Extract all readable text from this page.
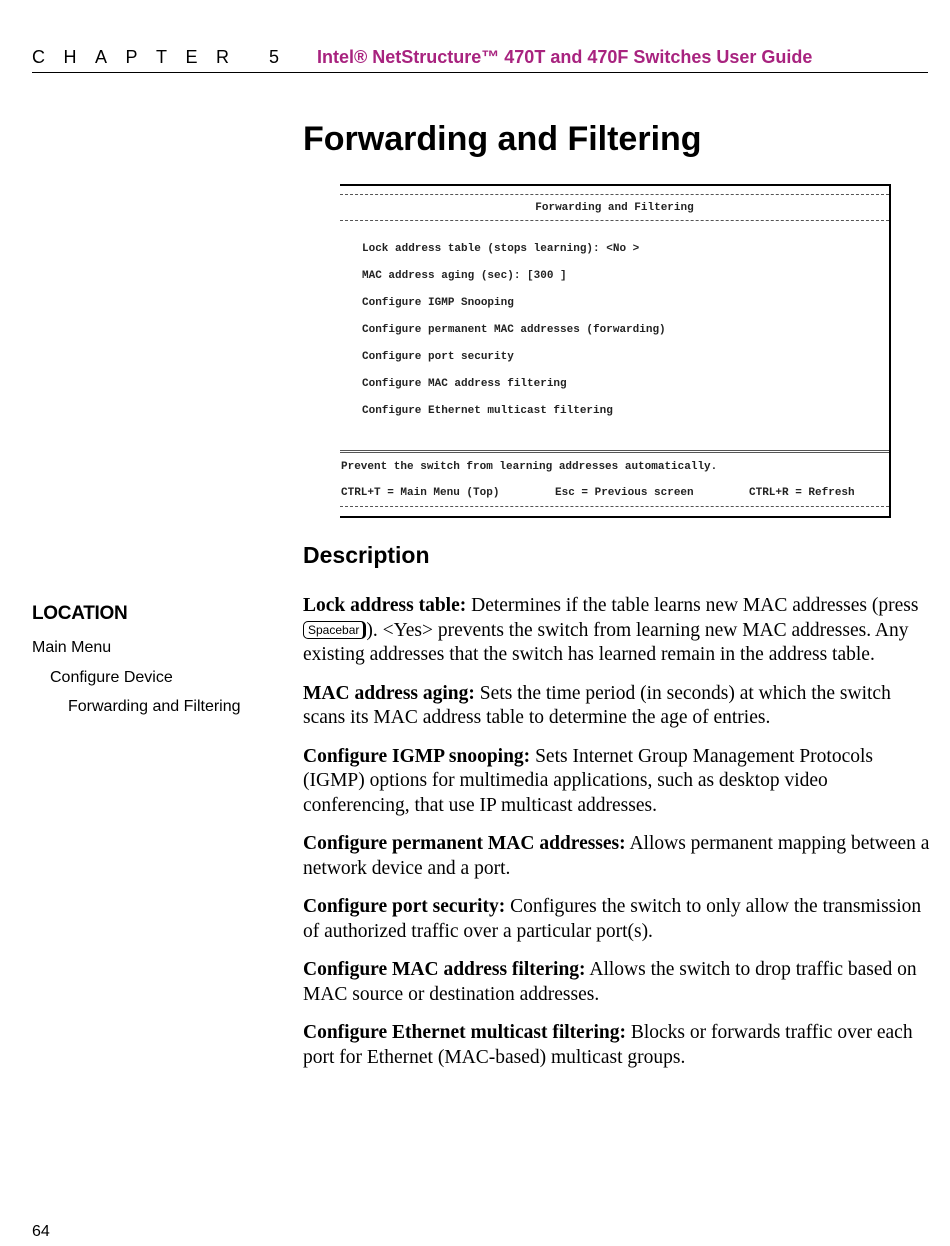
CHAPTER 5 Intel® NetStructure™ 470T and 470F Switches User Guide
Forwarding and Filtering
Forwarding and Filtering
Lock address table (stops learning): <No >
MAC address aging (sec): [300 ]
Configure IGMP Snooping
Configure permanent MAC addresses (forwarding)
Configure port security
Configure MAC address filtering
Configure Ethernet multicast filtering
Prevent the switch from learning addresses automatically.
CTRL+T = Main Menu (Top)	Esc = Previous screen	CTRL+R = Refresh
Description
LOCATION
Main Menu
Configure Device
Forwarding and Filtering

Lock address table: Determines if the table learns new MAC addresses (press Spacebar ). <Yes> prevents the switch from learning new MAC addresses. Any existing addresses that the switch has learned remain in the address table.

MAC address aging: Sets the time period (in seconds) at which the switch scans its MAC address table to determine the age of entries.

Configure IGMP snooping: Sets Internet Group Management Protocols (IGMP) options for multimedia applications, such as desktop video conferencing, that use IP multicast addresses.

Configure permanent MAC addresses: Allows permanent mapping between a network device and a port.

Configure port security: Configures the switch to only allow the transmission of authorized traffic over a particular port(s).

Configure MAC address filtering: Allows the switch to drop traffic based on MAC source or destination addresses.

Configure Ethernet multicast filtering: Blocks or forwards traffic over each port for Ethernet (MAC-based) multicast groups.

64
